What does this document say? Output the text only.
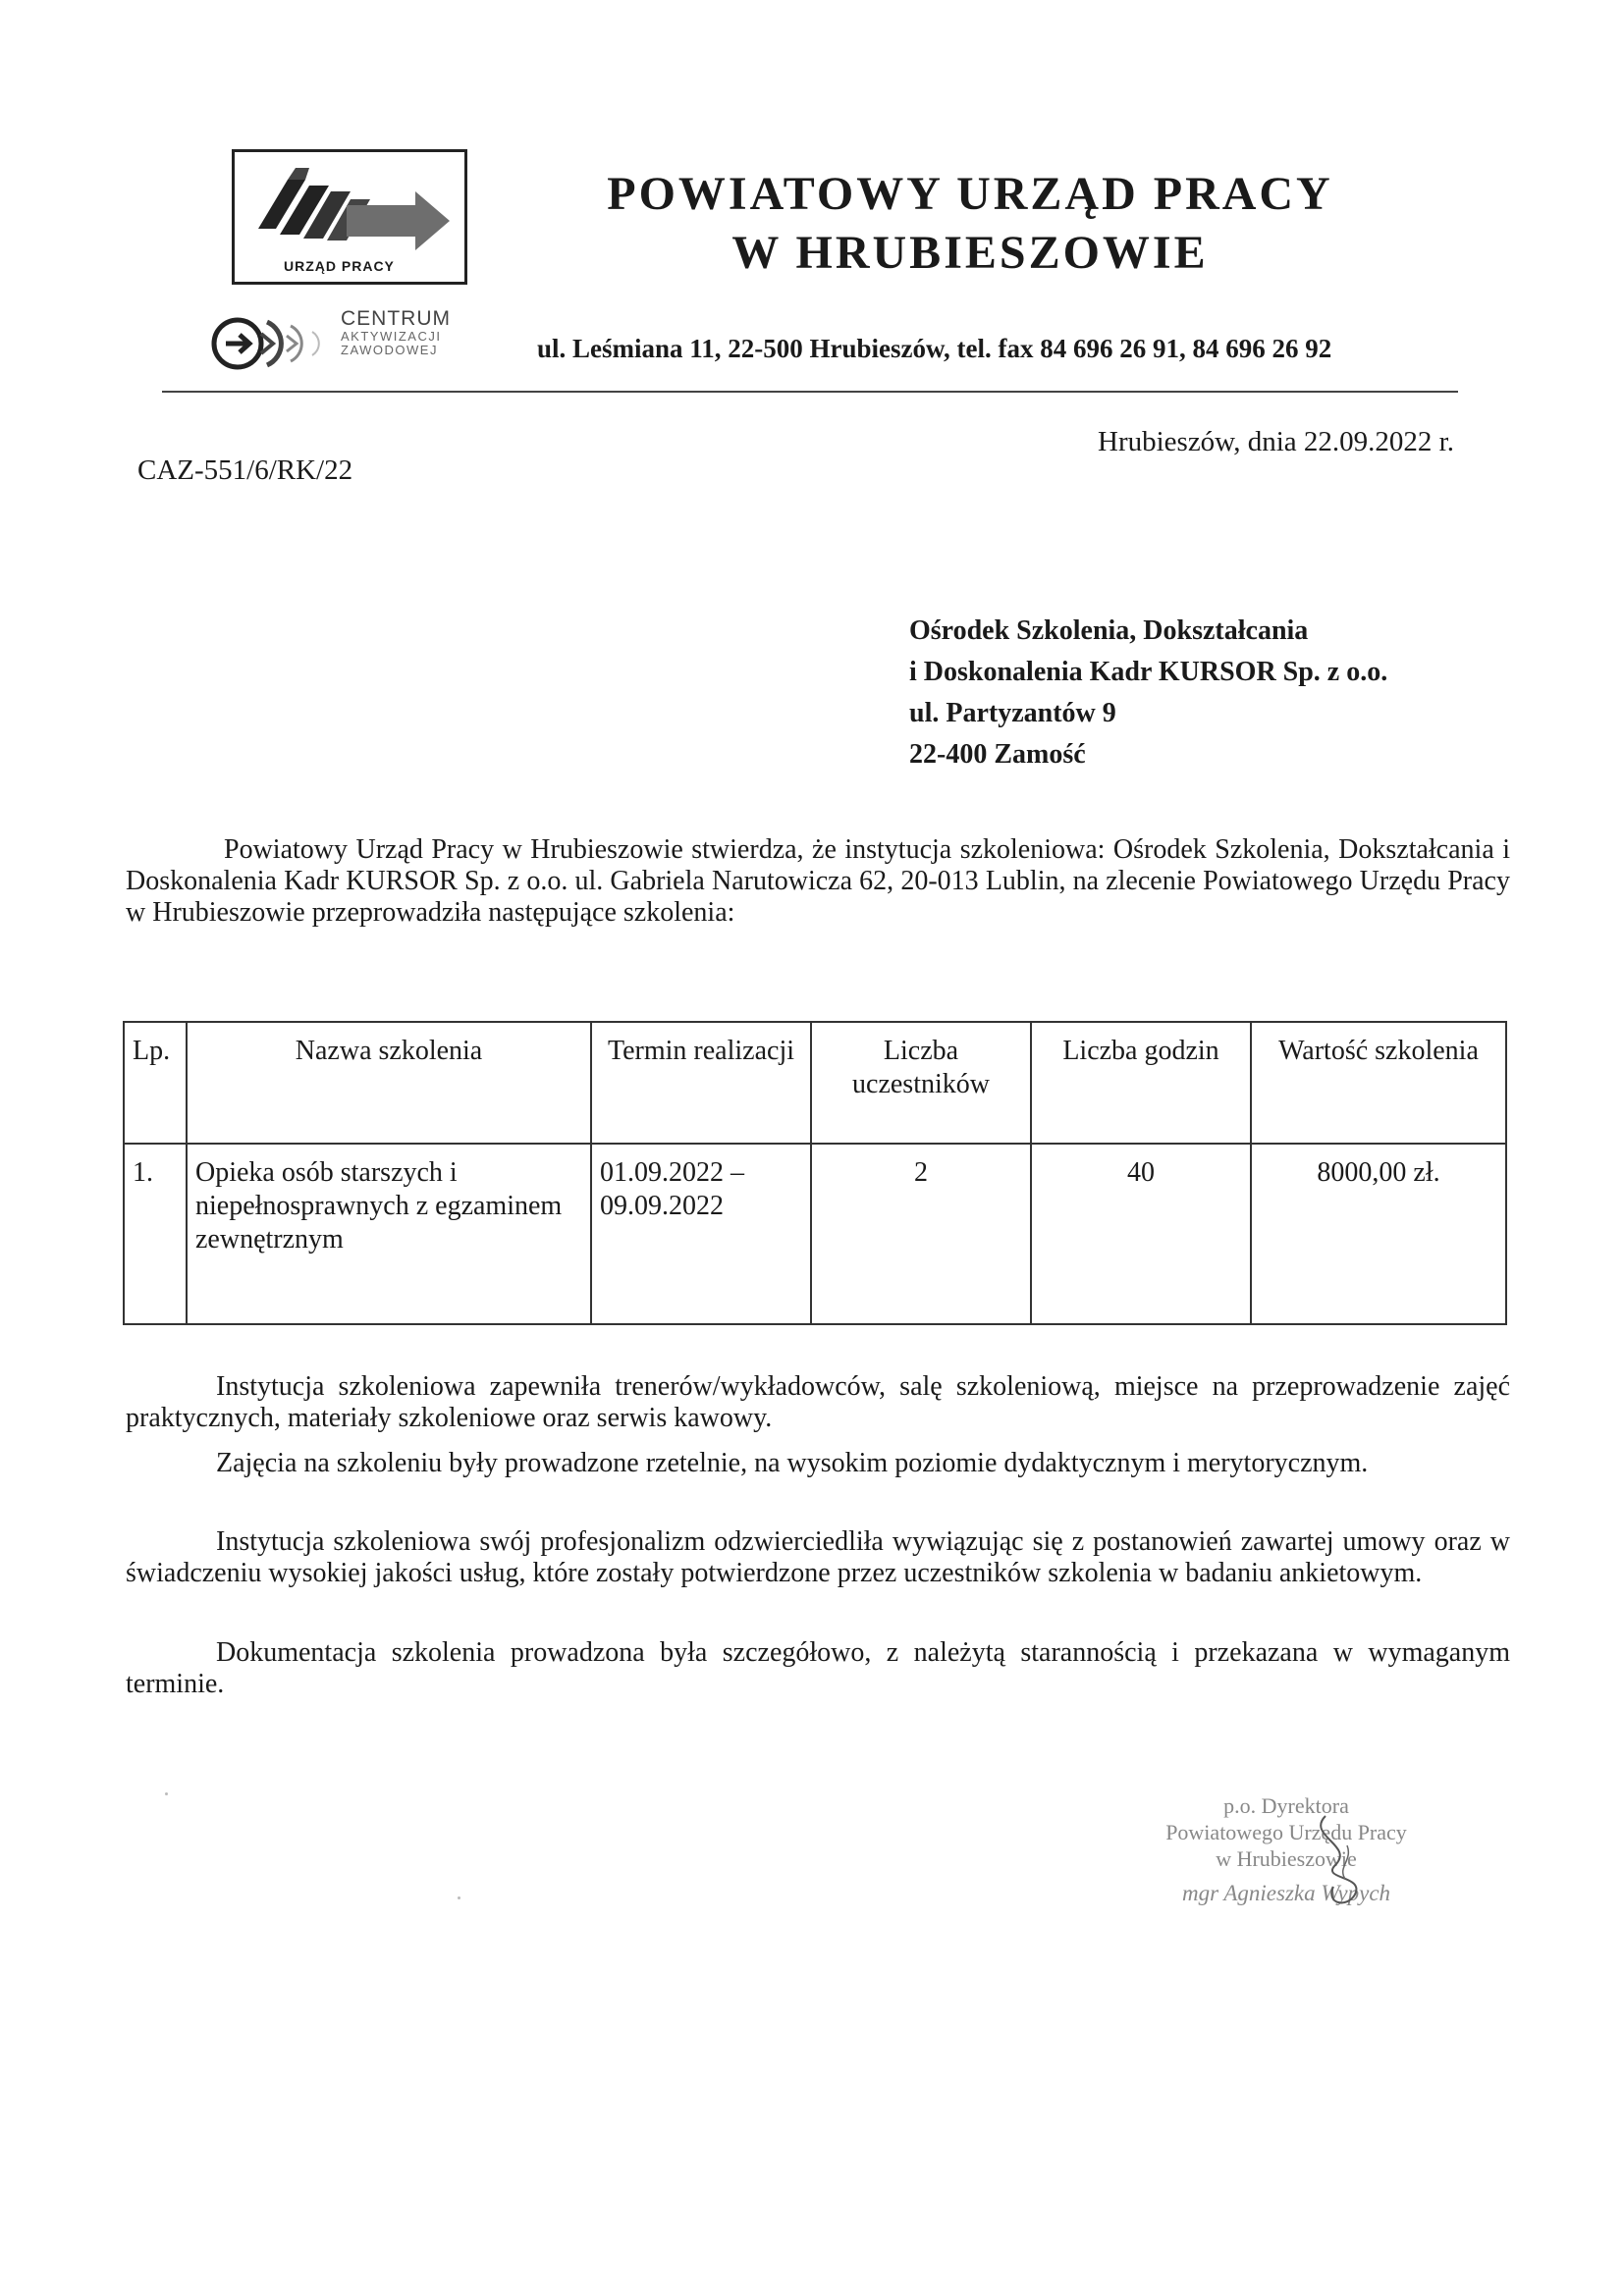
URZĄD PRACY
CENTRUM
AKTYWIZACJI
ZAWODOWEJ
POWIATOWY URZĄD PRACY
W HRUBIESZOWIE
ul. Leśmiana 11, 22-500 Hrubieszów, tel. fax 84 696 26 91, 84 696 26 92
CAZ-551/6/RK/22
Hrubieszów, dnia 22.09.2022 r.
Ośrodek Szkolenia, Dokształcania
i Doskonalenia Kadr KURSOR Sp. z o.o.
ul. Partyzantów 9
22-400 Zamość
Powiatowy Urząd Pracy w Hrubieszowie stwierdza, że instytucja szkoleniowa: Ośrodek Szkolenia, Dokształcania i Doskonalenia Kadr KURSOR Sp. z o.o. ul. Gabriela Narutowicza 62, 20-013 Lublin, na zlecenie Powiatowego Urzędu Pracy w Hrubieszowie przeprowadziła następujące szkolenia:
Lp.	Nazwa szkolenia	Termin realizacji	Liczba uczestników	Liczba godzin	Wartość szkolenia
1.	Opieka osób starszych i niepełnosprawnych z egzaminem zewnętrznym	01.09.2022 – 09.09.2022	2	40	8000,00 zł.
Instytucja szkoleniowa zapewniła trenerów/wykładowców, salę szkoleniową, miejsce na przeprowadzenie zajęć praktycznych, materiały szkoleniowe oraz serwis kawowy.
Zajęcia na szkoleniu były prowadzone rzetelnie, na wysokim poziomie dydaktycznym i merytorycznym.
Instytucja szkoleniowa swój profesjonalizm odzwierciedliła wywiązując się z postanowień zawartej umowy oraz w świadczeniu wysokiej jakości usług, które zostały potwierdzone przez uczestników szkolenia w badaniu ankietowym.
Dokumentacja szkolenia prowadzona była szczegółowo, z należytą starannością i przekazana w wymaganym terminie.
p.o. Dyrektora
Powiatowego Urzędu Pracy
w Hrubieszowie
mgr Agnieszka Wypych
